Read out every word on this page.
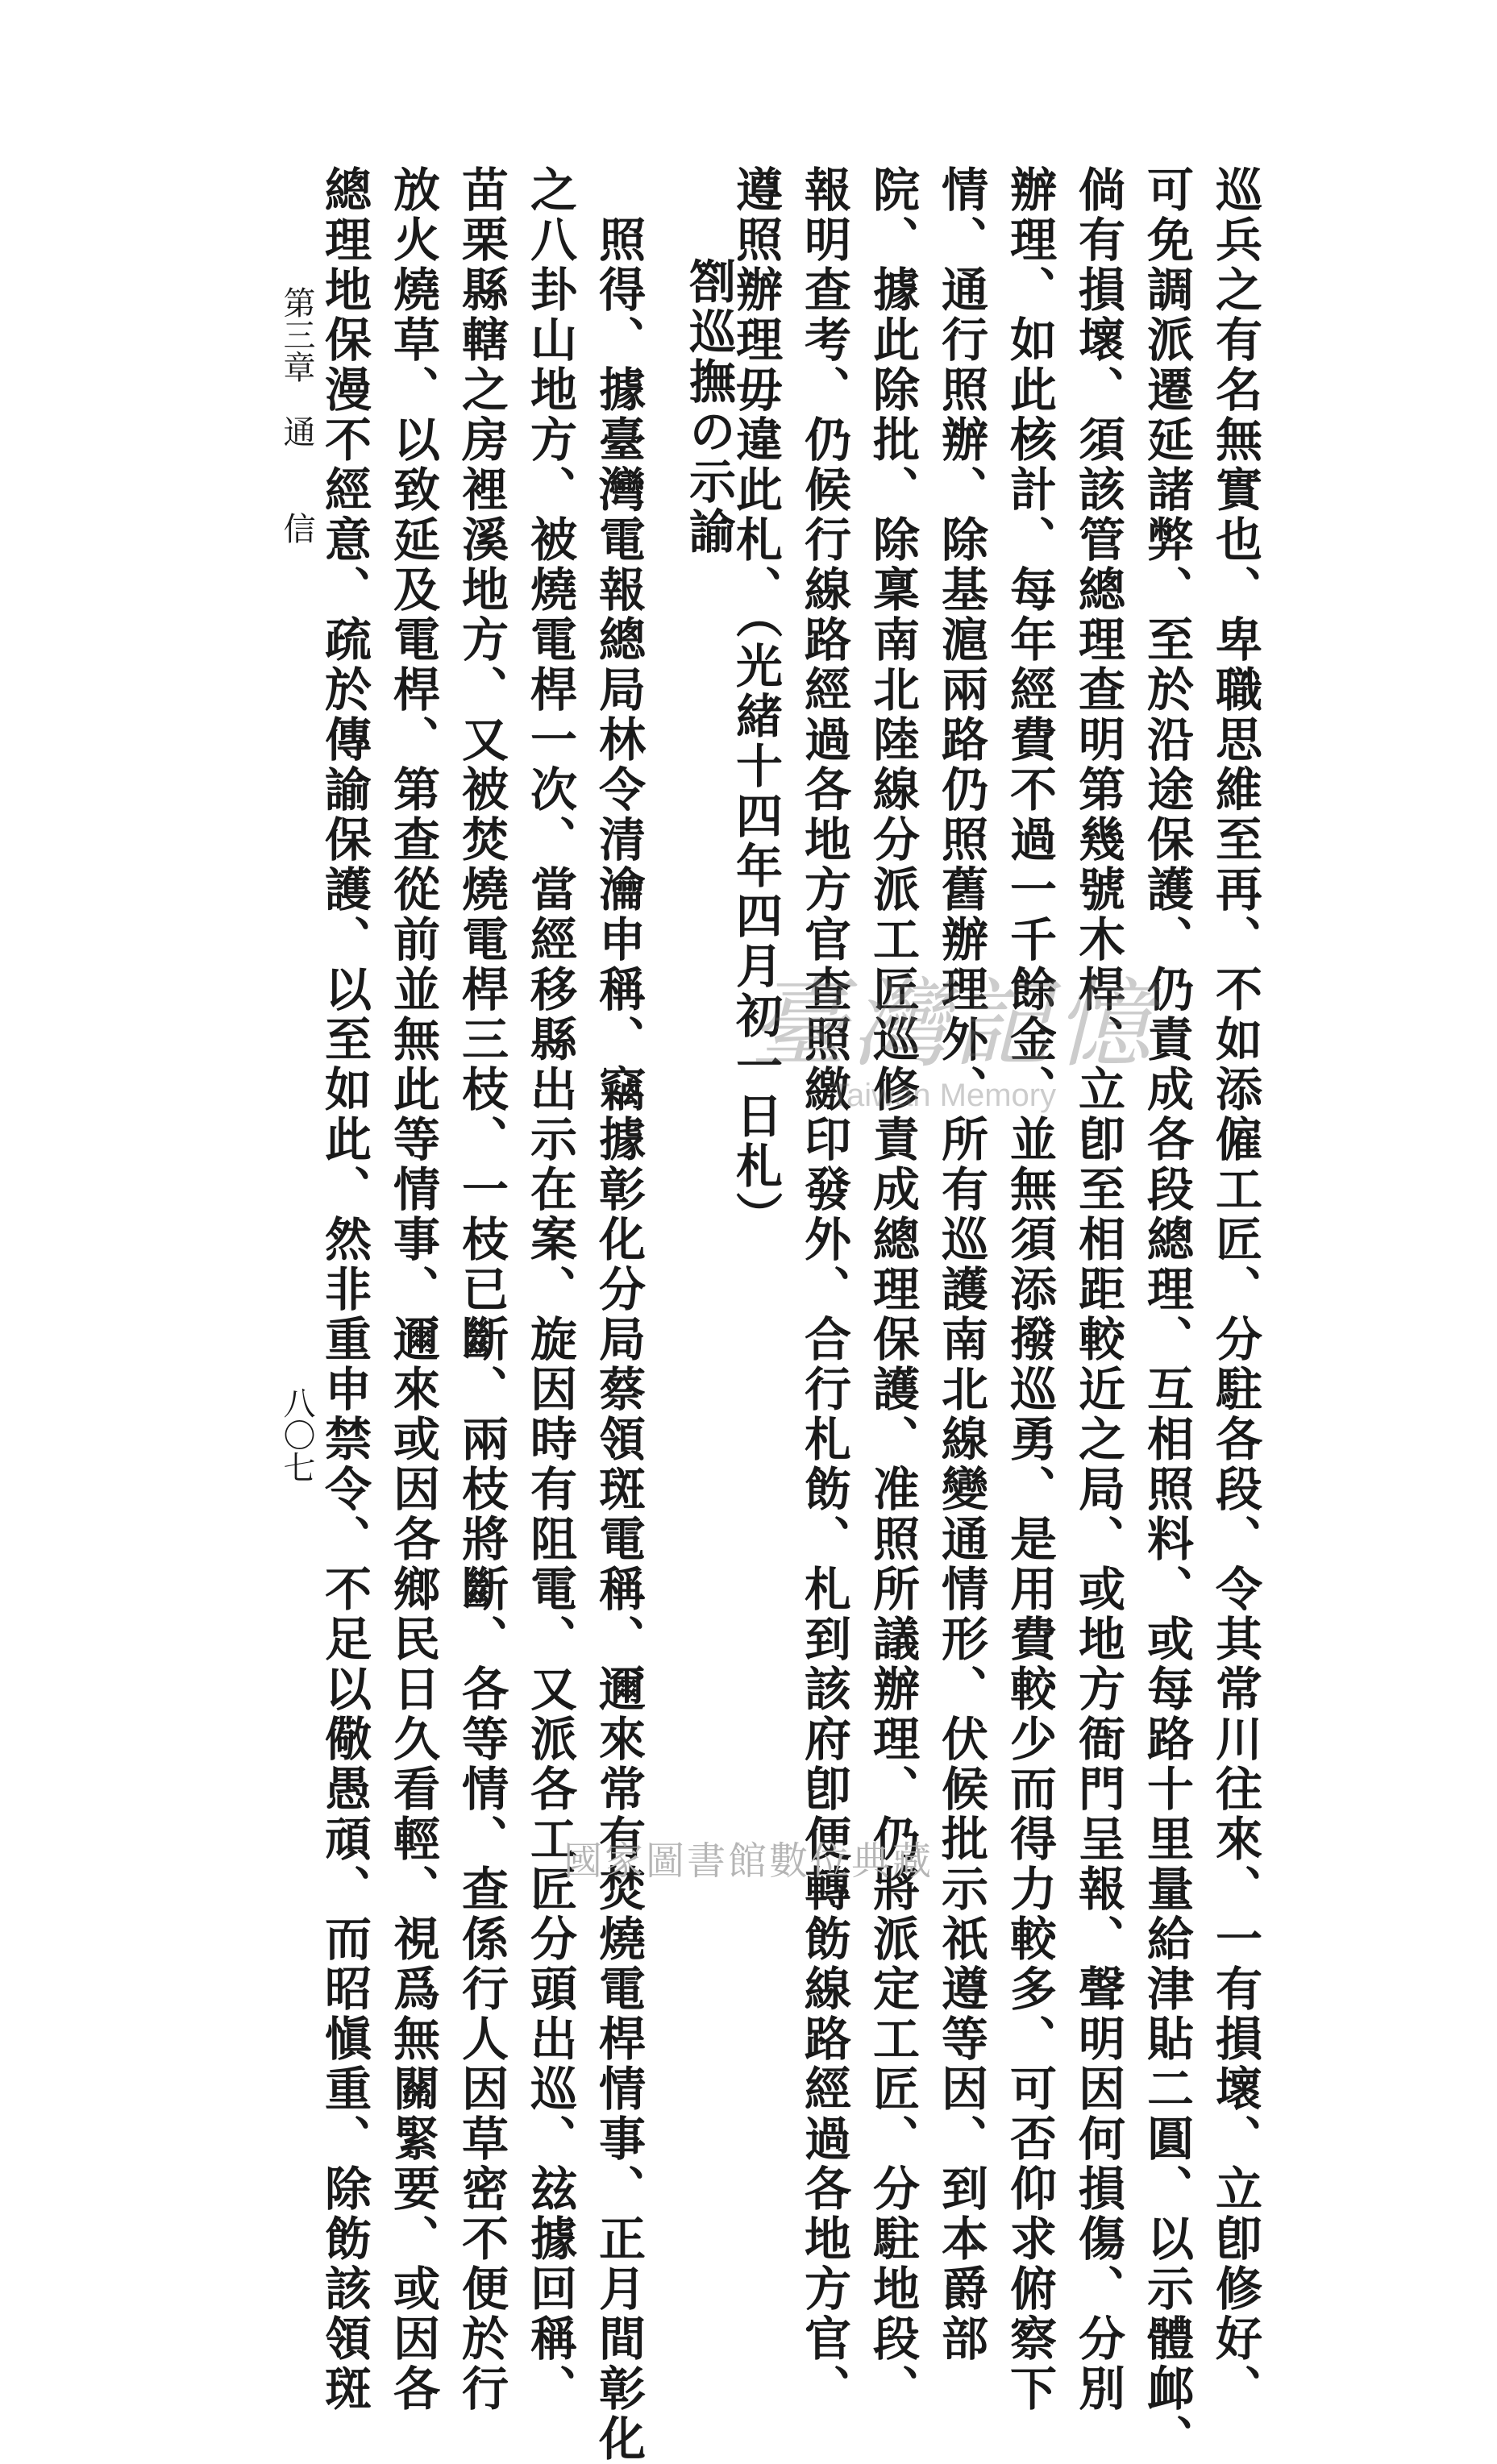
第三章　通　　信
八〇七	巡兵之有名無實也、卑職思維至再、不如添僱工匠、分駐各段、令其常川往來、一有損壞、立卽修好、
可免調派遷延諸弊、至於沿途保護、仍責成各段總理、互相照料、或每路十里量給津貼二圓、以示體䘏、
倘有損壞、須該管總理查明第幾號木桿、立卽至相距較近之局、或地方衙門呈報、聲明因何損傷、分別
辦理、如此核計、每年經費不過一千餘金、並無須添撥巡勇、是用費較少而得力較多、可否仰求俯察下
情、通行照辦、除基滬兩路仍照舊辦理外、所有巡護南北線變通情形、伏候批示祇遵等因、到本爵部
院、據此除批、除稟南北陸線分派工匠巡修責成總理保護、准照所議辦理、仍將派定工匠、分駐地段、
報明查考、仍候行線路經過各地方官查照繳印發外、合行札飭、札到該府卽便轉飭線路經過各地方官、
遵照辦理毋違此札、（光緒十四年四月初一日札）
　　劄巡撫の示諭
　照得、據臺灣電報總局林令清瀹申稱、竊據彰化分局蔡領斑電稱、邇來常有焚燒電桿情事、正月間彰化
之八卦山地方、被燒電桿一次、當經移縣出示在案、旋因時有阻電、又派各工匠分頭出巡、玆據回稱、
苗栗縣轄之房裡溪地方、又被焚燒電桿三枝、一枝已斷、兩枝將斷、各等情、查係行人因草密不便於行
放火燒草、以致延及電桿、第查從前並無此等情事、邇來或因各鄉民日久看輕、視爲無關緊要、或因各
總理地保漫不經意、疏於傳諭保護、以至如此、然非重申禁令、不足以儆愚頑、而昭愼重、除飭該領斑	臺灣記憶
Taiwan Memory
國家圖書館數位典藏
